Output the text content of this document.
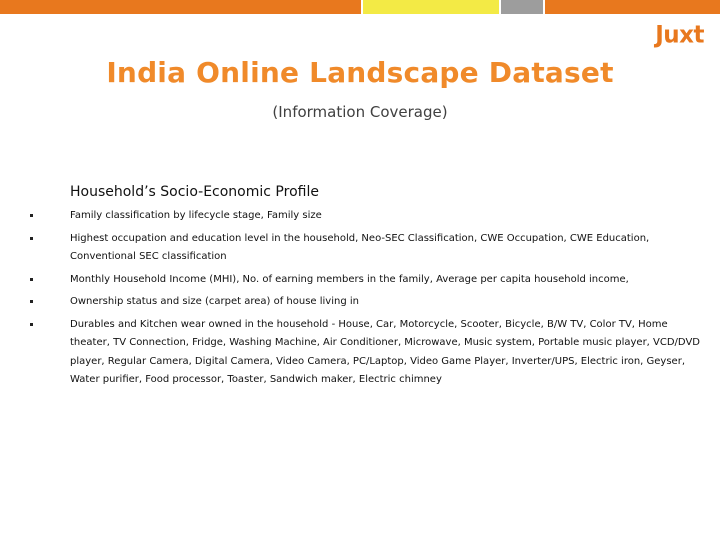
Juxt
India Online Landscape Dataset
(Information Coverage)
Household’s Socio-Economic Profile
Family classification by lifecycle stage, Family size
Highest occupation and education level in the household, Neo-SEC Classification, CWE Occupation, CWE Education, Conventional SEC classification
Monthly Household Income (MHI), No. of earning members in the family, Average per capita household income,
Ownership status and size (carpet area) of house living in
Durables and Kitchen wear owned in the household - House, Car, Motorcycle, Scooter, Bicycle, B/W TV, Color TV, Home theater, TV Connection, Fridge, Washing Machine, Air Conditioner, Microwave, Music system, Portable music player, VCD/DVD player, Regular Camera, Digital Camera, Video Camera, PC/Laptop, Video Game Player, Inverter/UPS, Electric iron, Geyser, Water purifier, Food processor, Toaster, Sandwich maker, Electric chimney
